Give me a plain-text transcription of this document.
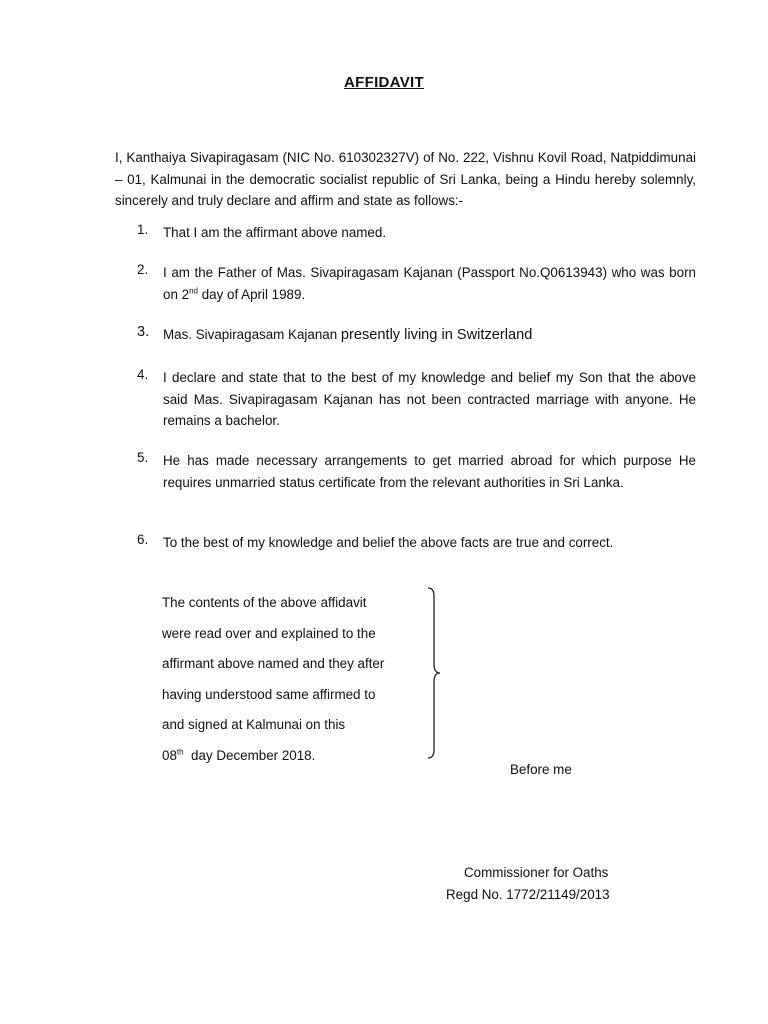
AFFIDAVIT
I, Kanthaiya Sivapiragasam (NIC No. 610302327V) of No. 222, Vishnu Kovil Road, Natpiddimunai – 01, Kalmunai in the democratic socialist republic of Sri Lanka, being a Hindu hereby solemnly, sincerely and truly declare and affirm and state as follows:-
1. That I am the affirmant above named.
2. I am the Father of Mas. Sivapiragasam Kajanan (Passport No.Q0613943) who was born on 2nd day of April 1989.
3. Mas. Sivapiragasam Kajanan presently living in Switzerland
4. I declare and state that to the best of my knowledge and belief my Son that the above said Mas. Sivapiragasam Kajanan has not been contracted marriage with anyone. He remains a bachelor.
5. He has made necessary arrangements to get married abroad for which purpose He requires unmarried status certificate from the relevant authorities in Sri Lanka.
6. To the best of my knowledge and belief the above facts are true and correct.
The contents of the above affidavit
were read over and explained to the
affirmant above named and they after
having understood same affirmed to
and signed at Kalmunai on this
08th  day December 2018.
Before me
Commissioner for Oaths
Regd No. 1772/21149/2013
